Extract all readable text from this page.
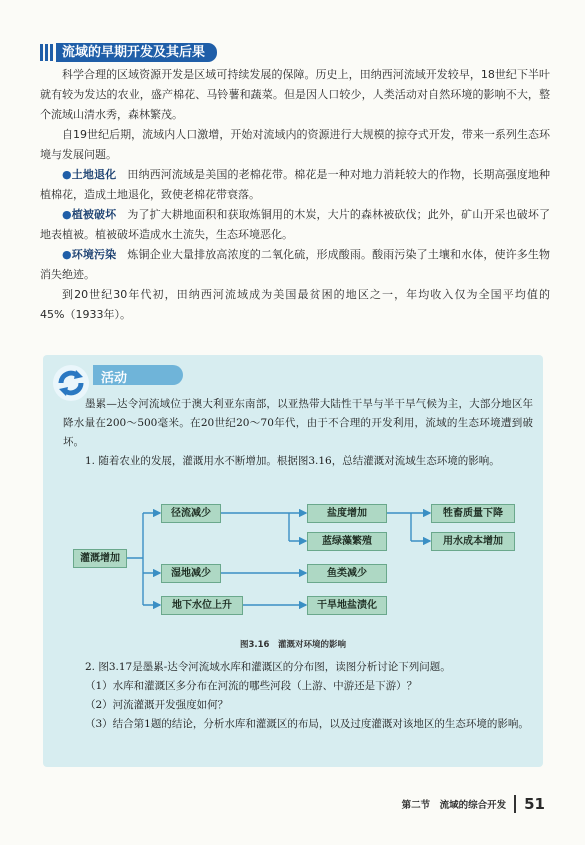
流域的早期开发及其后果

科学合理的区域资源开发是区域可持续发展的保障。历史上，田纳西河流域开发较早，18世纪下半叶就有较为发达的农业，盛产棉花、马铃薯和蔬菜。但是因人口较少，人类活动对自然环境的影响不大，整个流域山清水秀，森林繁茂。

自19世纪后期，流域内人口激增，开始对流域内的资源进行大规模的掠夺式开发，带来一系列生态环境与发展问题。

●土地退化　 田纳西河流域是美国的老棉花带。棉花是一种对地力消耗较大的作物，长期高强度地种植棉花，造成土地退化，致使老棉花带衰落。

●植被破坏　 为了扩大耕地面积和获取炼铜用的木炭，大片的森林被砍伐；此外，矿山开采也破坏了地表植被。植被破坏造成水土流失，生态环境恶化。

●环境污染　 炼铜企业大量排放高浓度的二氧化硫，形成酸雨。酸雨污染了土壤和水体，使许多生物消失绝迹。

到20世纪30年代初，田纳西河流域成为美国最贫困的地区之一，年均收入仅为全国平均值的45%（1933年）。

活动

墨累—达令河流域位于澳大利亚东南部，以亚热带大陆性干旱与半干旱气候为主，大部分地区年降水量在200～500毫米。在20世纪20～70年代，由于不合理的开发利用，流域的生态环境遭到破坏。

1. 随着农业的发展，灌溉用水不断增加。根据图3.16，总结灌溉对流域生态环境的影响。

灌溉增加
径流减少
湿地减少
地下水位上升
盐度增加
蓝绿藻繁殖
鱼类减少
干旱地盐渍化
牲畜质量下降
用水成本增加
图3.16　灌溉对环境的影响

2. 图3.17是墨累-达令河流域水库和灌溉区的分布图，读图分析讨论下列问题。

（1）水库和灌溉区多分布在河流的哪些河段（上游、中游还是下游）？

（2）河流灌溉开发强度如何？

（3）结合第1题的结论，分析水库和灌溉区的布局，以及过度灌溉对该地区的生态环境的影响。

第二节　流域的综合开发	51
